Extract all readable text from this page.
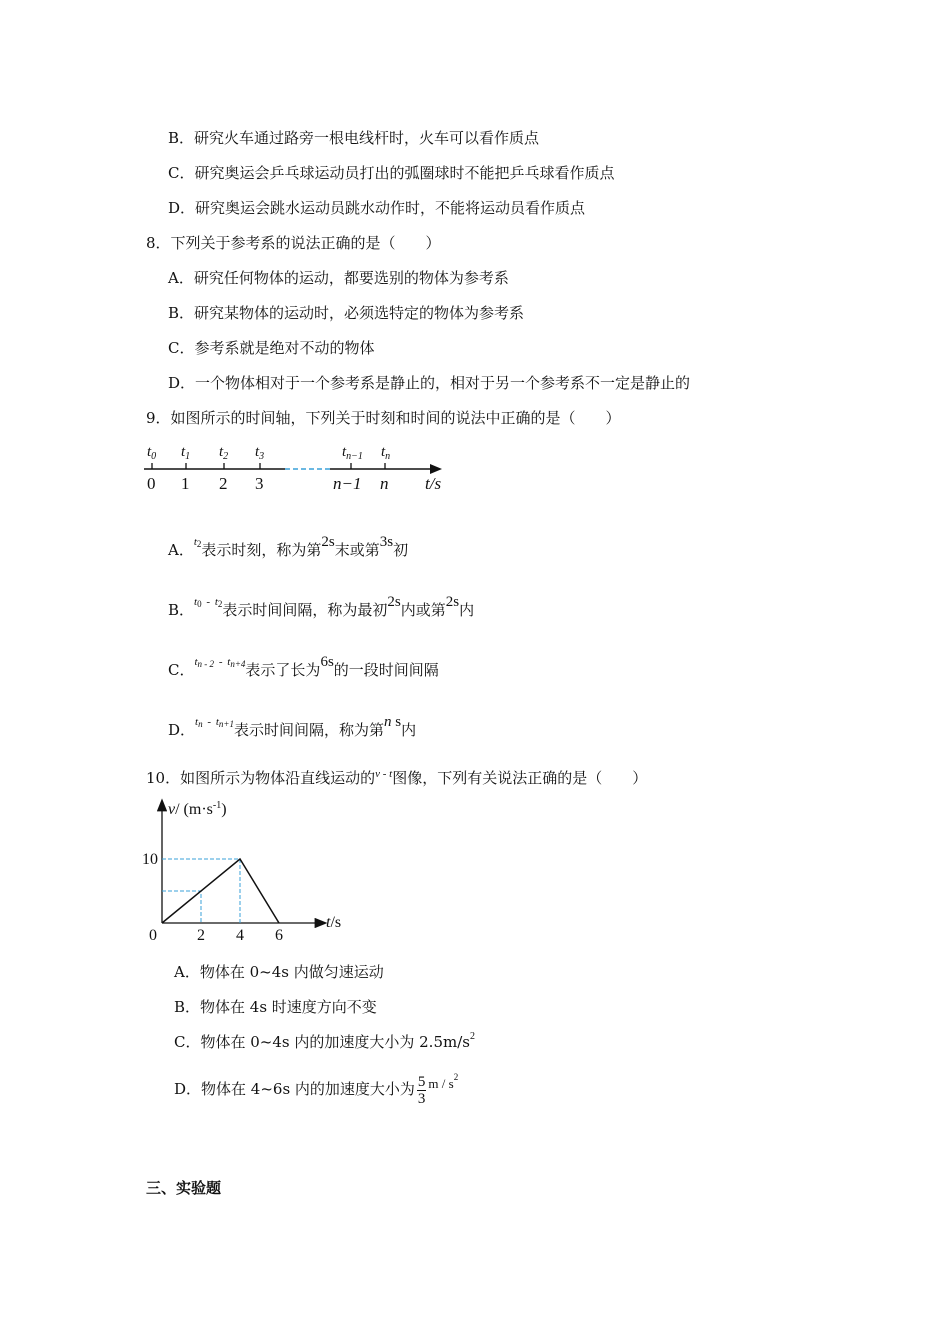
B．研究火车通过路旁一根电线杆时，火车可以看作质点
C．研究奥运会乒乓球运动员打出的弧圈球时不能把乒乓球看作质点
D．研究奥运会跳水运动员跳水动作时，不能将运动员看作质点
8．下列关于参考系的说法正确的是（　　）
A．研究任何物体的运动，都要选别的物体为参考系
B．研究某物体的运动时，必须选特定的物体为参考系
C．参考系就是绝对不动的物体
D．一个物体相对于一个参考系是静止的，相对于另一个参考系不一定是静止的
9．如图所示的时间轴，下列关于时刻和时间的说法中正确的是（　　）
$t_0$ $t_1$ $t_2$ $t_3$	$t_{n-1}$ $t_n$
0 1 2 3	n−1 n t/s
A．$^{t2}$表示时刻，称为第2s末或第3s初
B．$^{t0}$ - $^{t2}$表示时间间隔，称为最初2s内或第2s内
C．$^{tn - 2}$ - $^{tn+4}$表示了长为6s的一段时间间隔
D．$^{tn}$ - $^{tn+1}$表示时间间隔，称为第n s内
10．如图所示为物体沿直线运动的$^{v - t}$图像，下列有关说法正确的是（　　）
0	2 4 6
10
v/ $(m\cdot s^{-1})$
t/s
A．物体在 0~4s 内做匀速运动
B．物体在 4s 时速度方向不变
C．物体在 0~4s 内的加速度大小为 $2.5m/s^2$
D．物体在 4~6s 内的加速度大小为 $\frac{5}{3}$ m / $s^2$
三、实验题
